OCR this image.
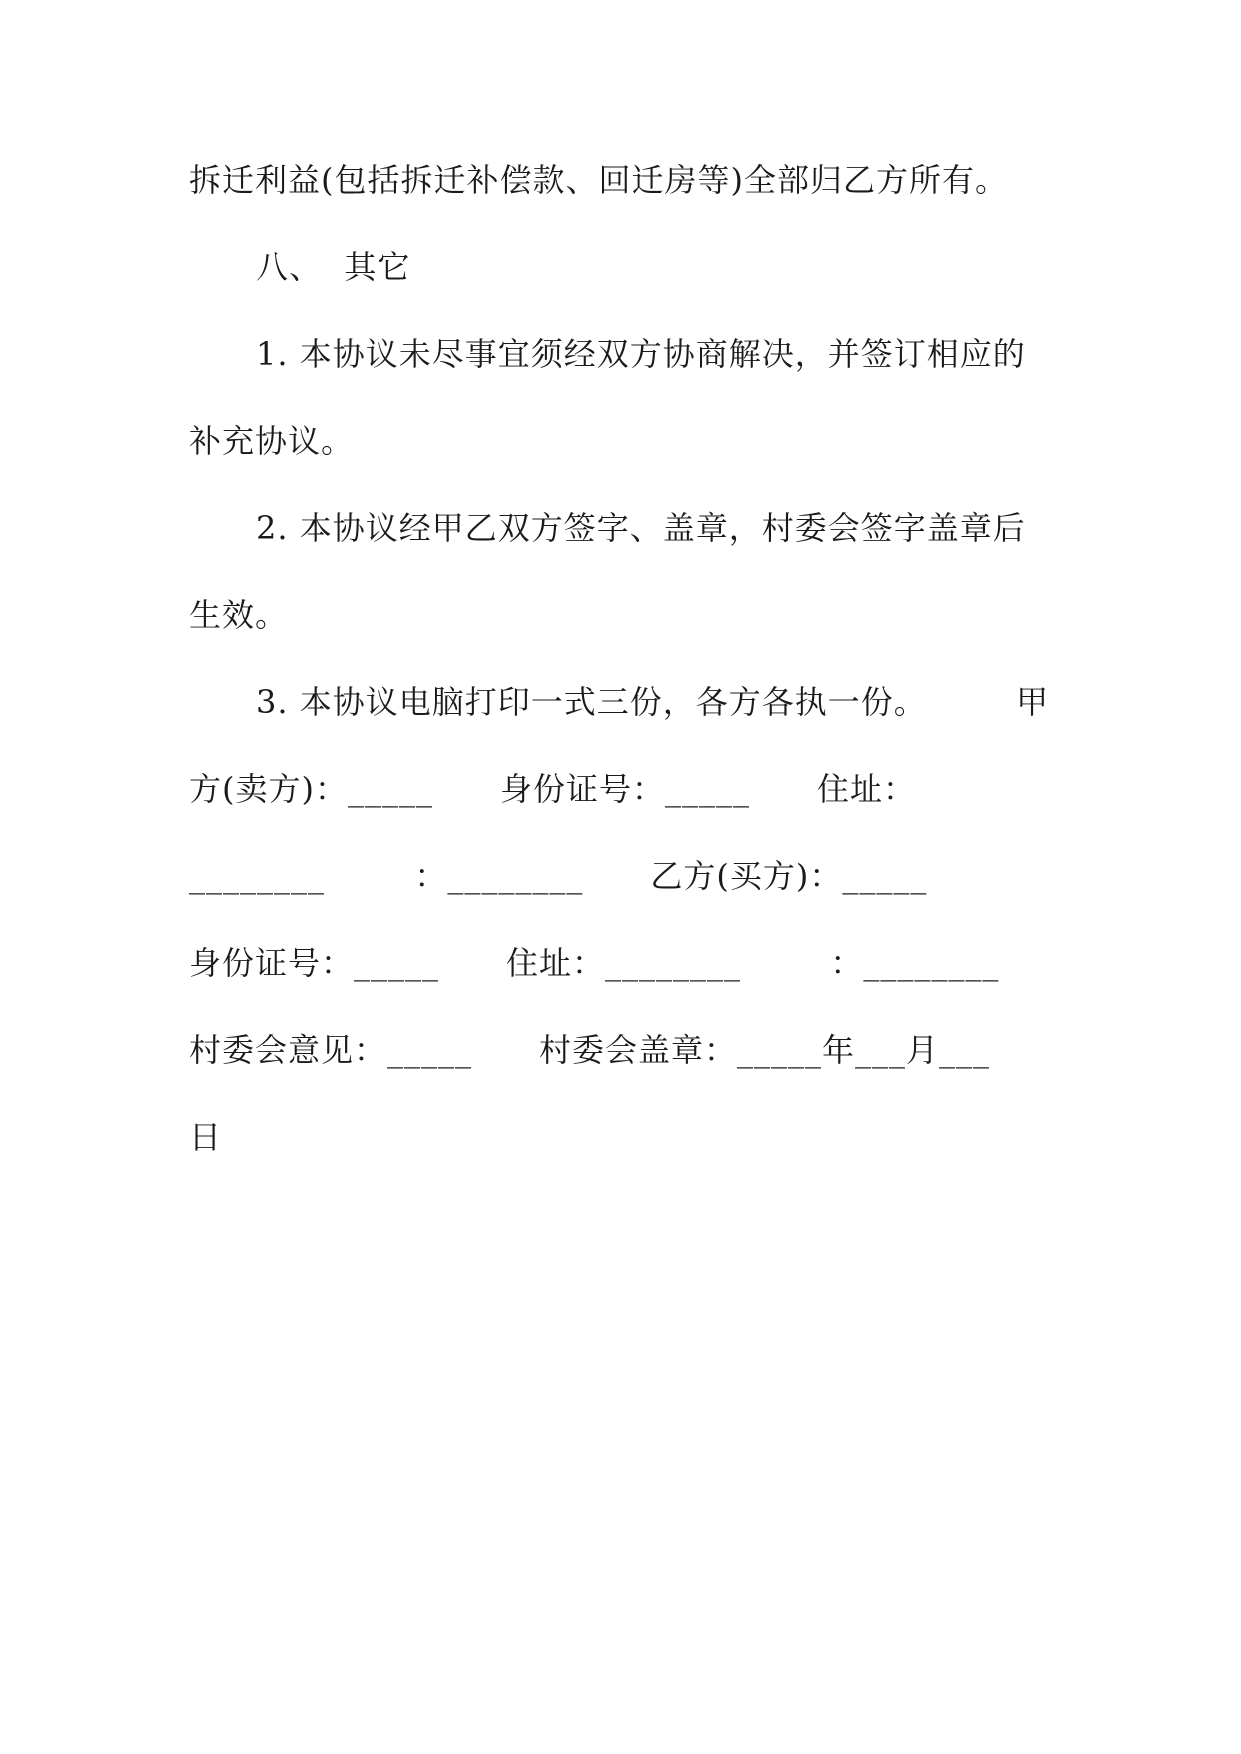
拆迁利益(包括拆迁补偿款、回迁房等)全部归乙方所有。
八、  其它
1. 本协议未尽事宜须经双方协商解决，并签订相应的
补充协议。
2. 本协议经甲乙双方签字、盖章，村委会签字盖章后
生效。
3. 本协议电脑打印一式三份，各方各执一份。        甲
方(卖方)：_____      身份证号：_____      住址：
________        ：________      乙方(买方)：_____
身份证号：_____      住址：________        ：________
村委会意见：_____      村委会盖章：_____年___月___
日
